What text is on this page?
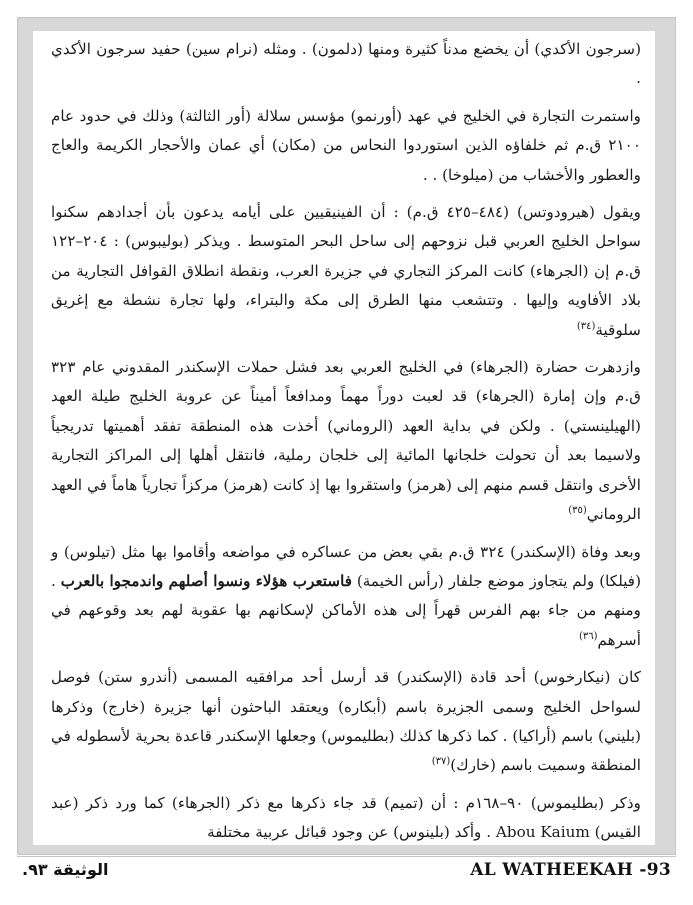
(سرجون الأكدي) أن يخضع مدناً كثيرة ومنها (دلمون) . ومثله (نرام سين) حفيد سرجون الأكدي .

واستمرت التجارة في الخليج في عهد (أورنمو) مؤسس سلالة (أور الثالثة) وذلك في حدود عام ٢١٠٠ ق.م ثم خلفاؤه الذين استوردوا النحاس من (مكان) أي عمان والأحجار الكريمة والعاج والعطور والأخشاب من (ميلوخا) . .

ويقول (هيرودوتس) (٤٨٤–٤٢٥ ق.م) : أن الفينيقيين على أيامه يدعون بأن أجدادهم سكنوا سواحل الخليج العربي قبل نزوحهم إلى ساحل البحر المتوسط . ويذكر (بوليبوس) : ٢٠٤–١٢٢ ق.م إن (الجرهاء) كانت المركز التجاري في جزيرة العرب، ونقطة انطلاق القوافل التجارية من بلاد الأفاويه وإليها . وتتشعب منها الطرق إلى مكة والبتراء، ولها تجارة نشطة مع إغريق سلوقية$^{(٣٤)}$

وازدهرت حضارة (الجرهاء) في الخليج العربي بعد فشل حملات الإسكندر المقدوني عام ٣٢٣ ق.م وإن إمارة (الجرهاء) قد لعبت دوراً مهماً ومدافعاً أميناً عن عروبة الخليج طيلة العهد (الهيلينستي) . ولكن في بداية العهد (الروماني) أخذت هذه المنطقة تفقد أهميتها تدريجياً ولاسيما بعد أن تحولت خلجانها المائية إلى خلجان رملية، فانتقل أهلها إلى المراكز التجارية الأخرى وانتقل قسم منهم إلى (هرمز) واستقروا بها إذ كانت (هرمز) مركزاً تجارياً هاماً في العهد الروماني$^{(٣٥)}$

وبعد وفاة (الإسكندر) ٣٢٤ ق.م بقي بعض من عساكره في مواضعه وأقاموا بها مثل (تيلوس) و (فيلكا) ولم يتجاوز موضع جلفار (رأس الخيمة) فاستعرب هؤلاء ونسوا أصلهم واندمجوا بالعرب . ومنهم من جاء بهم الفرس قهراً إلى هذه الأماكن لإسكانهم بها عقوبة لهم بعد وقوعهم في أسرهم$^{(٣٦)}$

كان (نيكارخوس) أحد قادة (الإسكندر) قد أرسل أحد مرافقيه المسمى (أندرو ستن) فوصل لسواحل الخليج وسمى الجزيرة باسم (أبكاره) ويعتقد الباحثون أنها جزيرة (خارج) وذكرها (بليني) باسم (أراكيا) . كما ذكرها كذلك (بطليموس) وجعلها الإسكندر قاعدة بحرية لأسطوله في المنطقة وسميت باسم (خارك)$^{(٣٧)}$

وذكر (بطليموس) ٩٠–١٦٨م : أن (تميم) قد جاء ذكرها مع ذكر (الجرهاء) كما ورد ذكر (عبد القيس) Abou Kaium . وأكد (بلينوس) عن وجود قبائل عربية مختلفة

الوثيقة ٩٣.	AL WATHEEKAH -93
